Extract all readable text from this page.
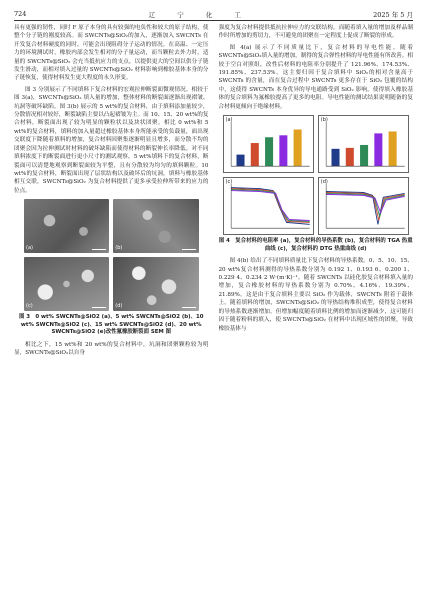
724	辽 宁 化 工	2025 年 5 月

具有更强的韧性，同时 F 原子本身的具有较强的电负性和较大的原子结构，使整个分子链的刚度较高。而 SWCNTs@SiO₂的加入，逐渐加入 SWCNTs 在开发复合材料硬度的同时，可能会出现阻碍分子运动的情况。在高温、一定压力的环境测试时，橡胶内部会发生相对的分子量运动，而当颗粒去外力时，适量的 SWCNTs@SiO₂ 会充当抵抗应力的支点，以提供更大的空间以供分子链发生滑动，而相对填入过量的 SWCNTs@SiO₂ 材料影响到橡胶基体本身的分子链恢复，使得材料发生更大程度的永久形变。

图 3 分别展示了不同填料下复合材料的宏观拉伸断裂面微观情况。相较于图 3(a)，SWCNTs@SiO₂ 填入量的增加，整体材料的断裂面逐渐出现褶皱、坑洞等破坏缺陷。图 3(b) 展示的 5 wt%的复合材料，由于填料添加量较少，分散情况相对较好，断裂缺陷主要以凸起褶皱为主。而 10、15、20 wt%的复合材料，断裂面出现了较为明显的颗粒状以及块状团聚。相比 0 wt%和 5 wt%的复合材料，填料的加入量超过橡胶基体本身所能承受的负载量，面出现交联度下降随着填料的增加，复合材料因聚集逐渐明显且增多，而分散不均的团聚会因为拉伸测试时材料的破坏缺陷而使得材料的断裂伸长率降低。对不同填料浓度下的断裂面进行更小尺寸的测试观察，5 wt%填料下的复合材料，断裂面可以清楚地观察到断裂面较为平整，且有分散较为均匀的填料颗粒。10 wt%的复合材料，断裂面出现了层状结构以及破坏后的坑洞，填料与橡胶基体相互交联，SWCNTs@SiO₂ 为复合材料提供了更多承受拉伸所带来的应力的位点。

(a)	(b)
(c)	(d)
图 3　0 wt% SWCNTs@SiO2 (a)、5 wt% SWCNTs@SiO2 (b)、10 wt% SWCNTs@SiO2 (c)、15 wt% SWCNTs@SiO2 (d)、20 wt% SWCNTs@SiO2 (e)改性氟橡胶断裂面 SEM 图

相比之下，15 wt%和 20 wt%的复合材料中，坑洞和团聚颗粒较为明显，SWCNTs@SiO₂以自身

强度为复合材料提供抵抗拉伸应力的交联结构，而随着填入量的增加及样品制作时所增加的剪切力，不可避免的团聚在一定程度上促成了断裂的形成。

图 4(a) 展示了不同质量比下，复合材料的导电性能。随着 SWCNTs@SiO₂填入量的增加，制得的复合弹性材料的导电性能有所改善。相较于空白对照组，改性后材料的电阻率分别提升了 121.96%、174.53%、191.85%、237.53%。这主要归因于复合填料中 SiO₂的相对含量高于 SWCNTs 的含量，而在复合过程中 SWCNTs 更多存在于 SiO₂ 包覆的结构中，这使得 SWCNTs 本身优异的导电通路受到 SiO₂ 影响，使得填入橡胶基体的复合填料为氟橡胶提高了更多的电阻。导电性能的测试结果说明随备的复合材料更倾向于绝缘材料。

(a)	(b)
(c)	(d)
图 4　复合材料的电阻率 (a)，复合材料的导热系数 (b)，复合材料的 TGA 热重曲线 (c)，复合材料的 DTG 热重曲线 (d)

图 4(b) 给出了不同填料质量比下复合材料的导热系数。0、5、10、15、20 wt%复合材料测得的导热系数分别为 0.192 1、0.193 6、0.200 1、0.229 4、0.234 2 W·(m·K)⁻¹。随着 SWCNTs 以硅化胶复合材料填入量的增加，复合橡胶材料的导热系数分别为 0.70%、4.16%、19.39%、21.89%。这是由于复合填料主要以 SiO₂ 作为载体，SWCNTs 附着于载体上。随着填料的增加，SWCNTs@SiO₂ 的导热结构堆积成型，使得复合材料的导热系数逐渐增加。但增加幅度随着填料比例的增加而逐渐减少，这可能归因于随着粉料的填入，使 SWCNTs@SiO₂ 在材料中出现区域性的团聚，导致橡胶基体与
